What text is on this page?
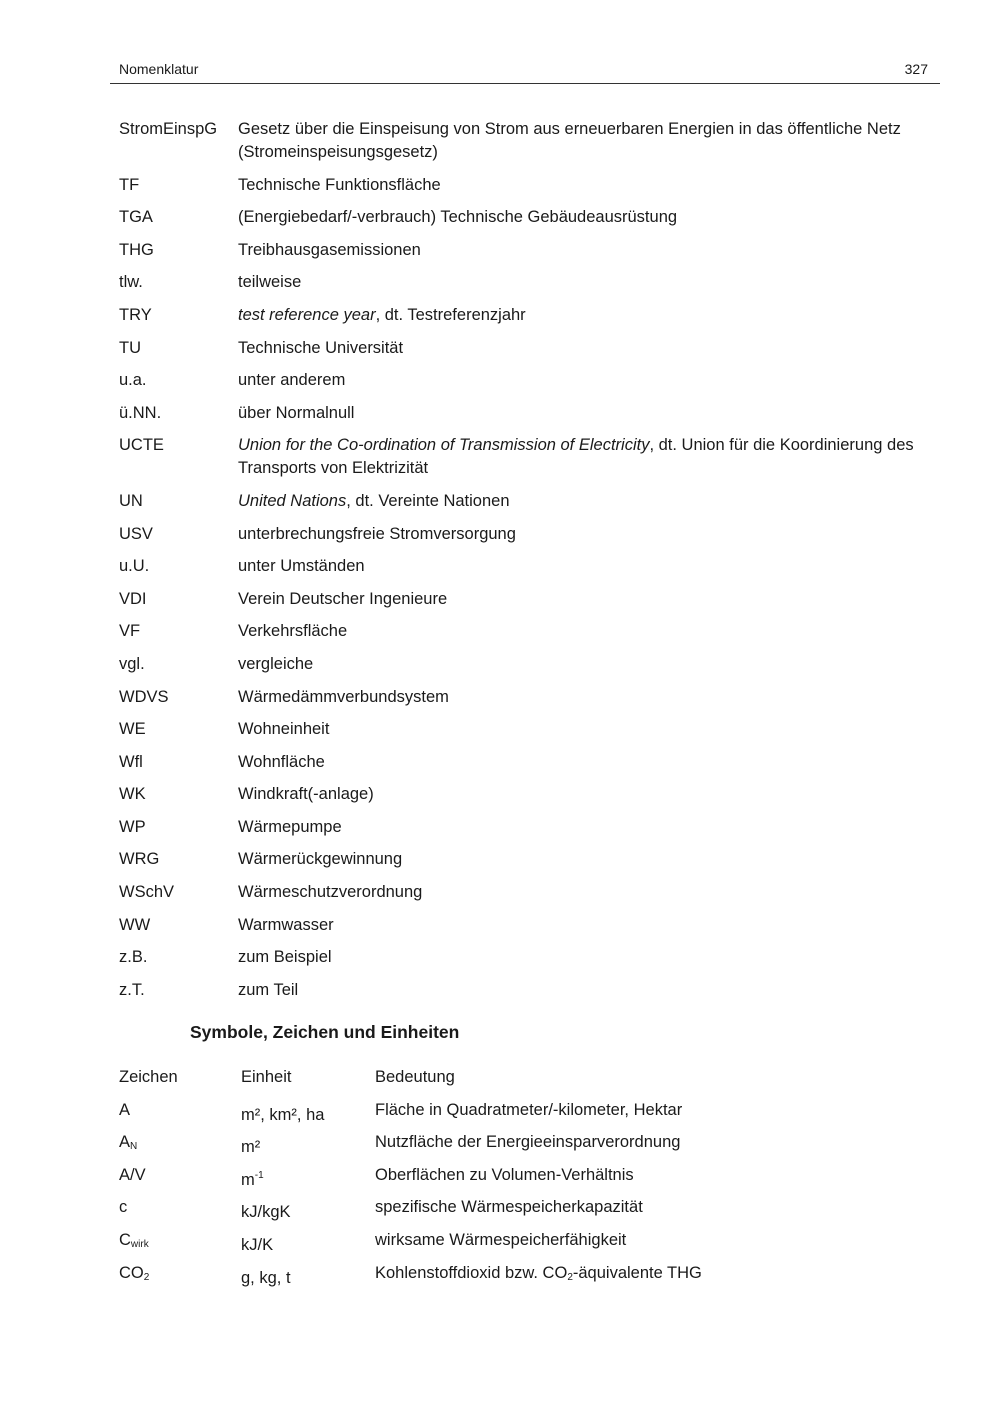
Nomenklatur	327
StromEinspG	Gesetz über die Einspeisung von Strom aus erneuerbaren Energien in das öffentliche Netz (Stromeinspeisungsgesetz)
TF	Technische Funktionsfläche
TGA	(Energiebedarf/-verbrauch) Technische Gebäudeausrüstung
THG	Treibhausgasemissionen
tlw.	teilweise
TRY	test reference year, dt. Testreferenzjahr
TU	Technische Universität
u.a.	unter anderem
ü.NN.	über Normalnull
UCTE	Union for the Co-ordination of Transmission of Electricity, dt. Union für die Koordinierung des Transports von Elektrizität
UN	United Nations, dt. Vereinte Nationen
USV	unterbrechungsfreie Stromversorgung
u.U.	unter Umständen
VDI	Verein Deutscher Ingenieure
VF	Verkehrsfläche
vgl.	vergleiche
WDVS	Wärmedämmverbundsystem
WE	Wohneinheit
Wfl	Wohnfläche
WK	Windkraft(-anlage)
WP	Wärmepumpe
WRG	Wärmerückgewinnung
WSchV	Wärmeschutzverordnung
WW	Warmwasser
z.B.	zum Beispiel
z.T.	zum Teil
Symbole, Zeichen und Einheiten
Zeichen	Einheit	Bedeutung
A	m², km², ha	Fläche in Quadratmeter/-kilometer, Hektar
AN	m²	Nutzfläche der Energieeinsparverordnung
A/V	$m^{-1}$	Oberflächen zu Volumen-Verhältnis
c	kJ/kgK	spezifische Wärmespeicherkapazität
Cwirk	kJ/K	wirksame Wärmespeicherfähigkeit
CO2	g, kg, t	Kohlenstoffdioxid bzw. CO2-äquivalente THG
